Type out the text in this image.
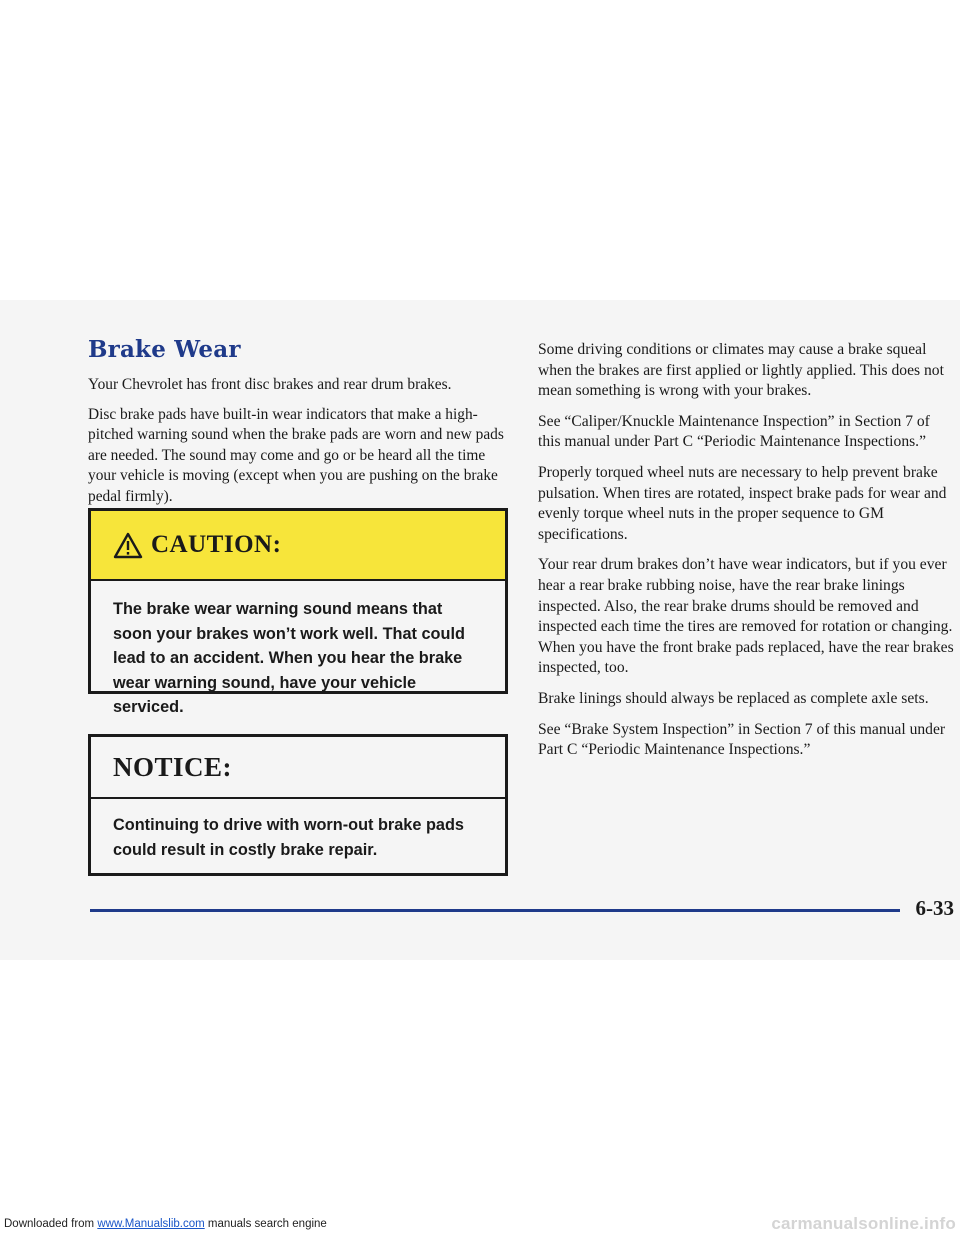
Brake Wear

Your Chevrolet has front disc brakes and rear drum brakes.

Disc brake pads have built-in wear indicators that make a high-pitched warning sound when the brake pads are worn and new pads are needed. The sound may come and go or be heard all the time your vehicle is moving (except when you are pushing on the brake pedal firmly).

CAUTION:
The brake wear warning sound means that soon your brakes won’t work well. That could lead to an accident. When you hear the brake wear warning sound, have your vehicle serviced.
NOTICE:
Continuing to drive with worn-out brake pads could result in costly brake repair.

Some driving conditions or climates may cause a brake squeal when the brakes are first applied or lightly applied. This does not mean something is wrong with your brakes.

See “Caliper/Knuckle Maintenance Inspection” in Section 7 of this manual under Part C “Periodic Maintenance Inspections.”

Properly torqued wheel nuts are necessary to help prevent brake pulsation. When tires are rotated, inspect brake pads for wear and evenly torque wheel nuts in the proper sequence to GM specifications.

Your rear drum brakes don’t have wear indicators, but if you ever hear a rear brake rubbing noise, have the rear brake linings inspected. Also, the rear brake drums should be removed and inspected each time the tires are removed for rotation or changing. When you have the front brake pads replaced, have the rear brakes inspected, too.

Brake linings should always be replaced as complete axle sets.

See “Brake System Inspection” in Section 7 of this manual under Part C “Periodic Maintenance Inspections.”

6-33
Downloaded from www.Manualslib.com manuals search engine	carmanualsonline.info
